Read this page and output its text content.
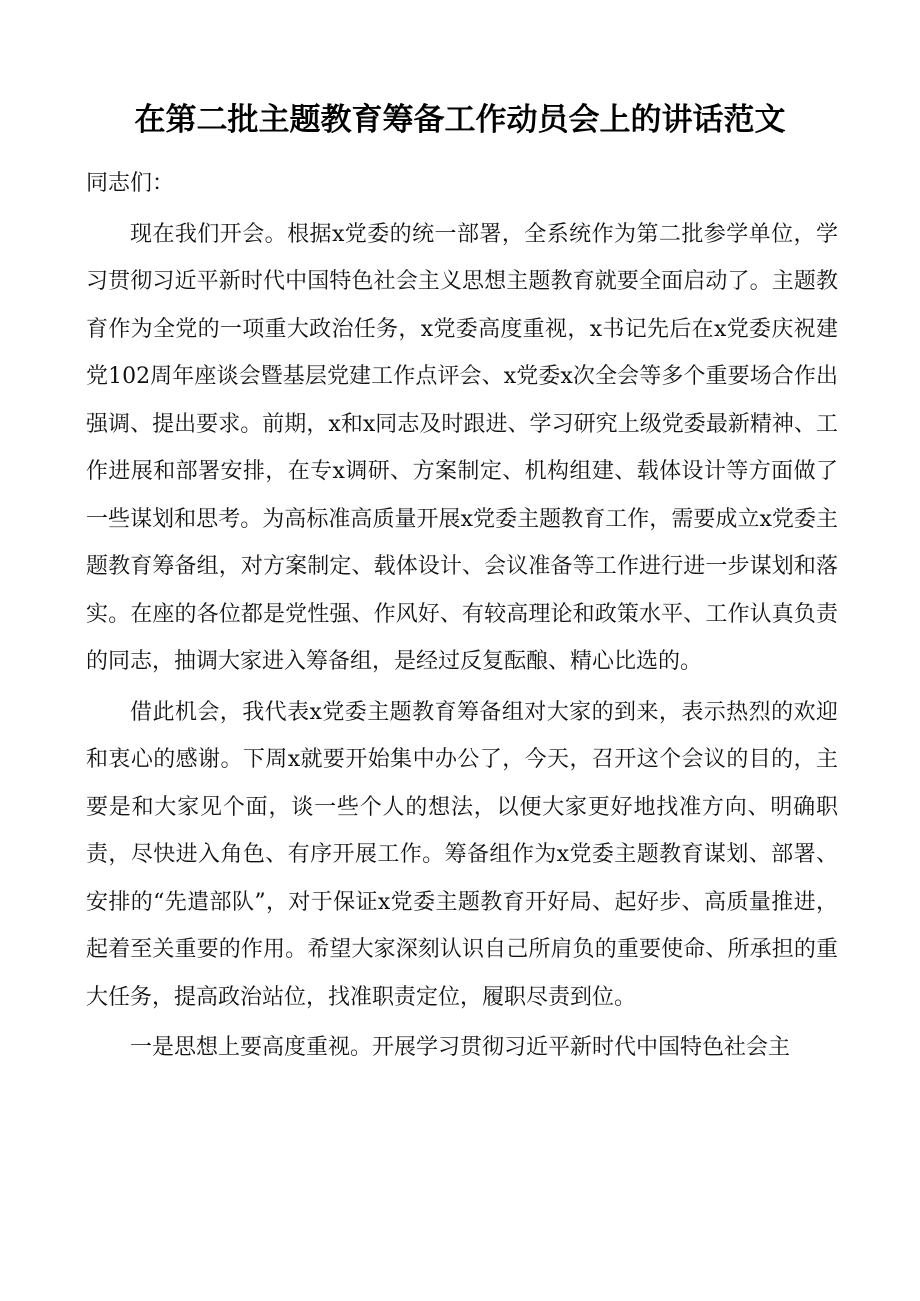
在第二批主题教育筹备工作动员会上的讲话范文

同志们：

现在我们开会。根据x党委的统一部署，全系统作为第二批参学单位，学习贯彻习近平新时代中国特色社会主义思想主题教育就要全面启动了。主题教育作为全党的一项重大政治任务，x党委高度重视，x书记先后在x党委庆祝建党102周年座谈会暨基层党建工作点评会、x党委x次全会等多个重要场合作出强调、提出要求。前期，x和x同志及时跟进、学习研究上级党委最新精神、工作进展和部署安排，在专x调研、方案制定、机构组建、载体设计等方面做了一些谋划和思考。为高标准高质量开展x党委主题教育工作，需要成立x党委主题教育筹备组，对方案制定、载体设计、会议准备等工作进行进一步谋划和落实。在座的各位都是党性强、作风好、有较高理论和政策水平、工作认真负责的同志，抽调大家进入筹备组，是经过反复酝酿、精心比选的。

借此机会，我代表x党委主题教育筹备组对大家的到来，表示热烈的欢迎和衷心的感谢。下周x就要开始集中办公了，今天，召开这个会议的目的，主要是和大家见个面，谈一些个人的想法，以便大家更好地找准方向、明确职责，尽快进入角色、有序开展工作。筹备组作为x党委主题教育谋划、部署、安排的“先遣部队”，对于保证x党委主题教育开好局、起好步、高质量推进，起着至关重要的作用。希望大家深刻认识自己所肩负的重要使命、所承担的重大任务，提高政治站位，找准职责定位，履职尽责到位。

一是思想上要高度重视。开展学习贯彻习近平新时代中国特色社会主
